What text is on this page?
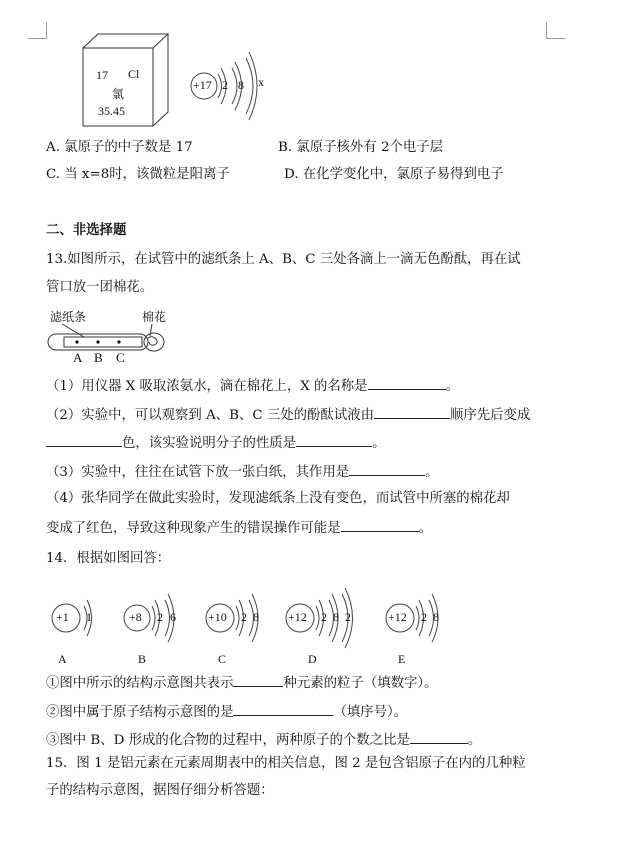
17 Cl
氯
35.45
+17 2 8 x
A. 氯原子的中子数是 17	B. 氯原子核外有 2个电子层
C. 当 x=8时，该微粒是阳离子	D. 在化学变化中，氯原子易得到电子
二、非选择题
13.如图所示，在试管中的滤纸条上 A、B、C 三处各滴上一滴无色酚酞，再在试
管口放一团棉花。
滤纸条	棉花
A B C
（1）用仪器 X 吸取浓氨水，滴在棉花上，X 的名称是	。
（2）实验中，可以观察到 A、B、C 三处的酚酞试液由	顺序先后变成
色，该实验说明分子的性质是	。
（3）实验中，往往在试管下放一张白纸，其作用是	。
（4）张华同学在做此实验时，发现滤纸条上没有变色，而试管中所塞的棉花却
变成了红色，导致这种现象产生的错误操作可能是	。
14．根据如图回答：
+1 1
A
+8 2 6
B
+10 2 8
C
+12 2 8 2
D
+12 2 8
E
①图中所示的结构示意图共表示	种元素的粒子（填数字）。
②图中属于原子结构示意图的是	（填序号）。
③图中 B、D 形成的化合物的过程中，两种原子的个数之比是	。
15．图 1 是铝元素在元素周期表中的相关信息，图 2 是包含铝原子在内的几种粒
子的结构示意图，据图仔细分析答题：
